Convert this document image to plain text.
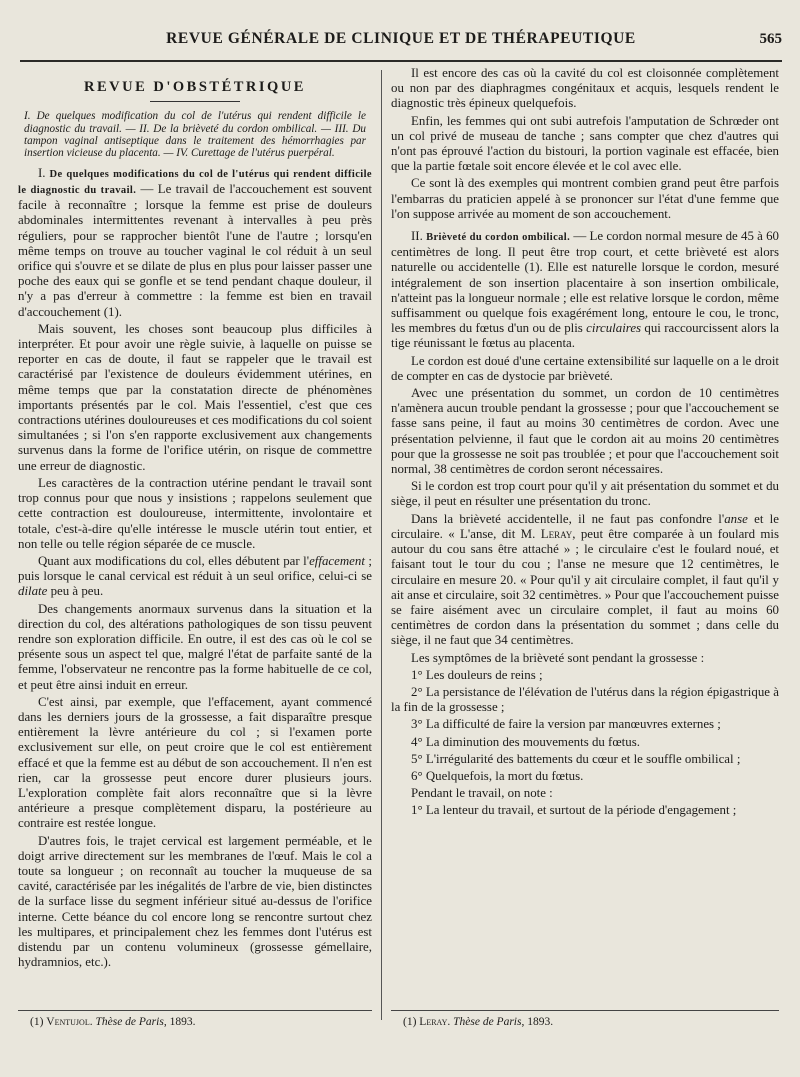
REVUE GÉNÉRALE DE CLINIQUE ET DE THÉRAPEUTIQUE	565
REVUE D'OBSTÉTRIQUE

I. De quelques modification du col de l'utérus qui rendent difficile le diagnostic du travail. — II. De la brièveté du cordon ombilical. — III. Du tampon vaginal antiseptique dans le traitement des hémorrhagies par insertion vicieuse du placenta. — IV. Curettage de l'utérus puerpéral.

I. De quelques modifications du col de l'utérus qui rendent difficile le diagnostic du travail. — Le travail de l'accouchement est souvent facile à reconnaître ; lorsque la femme est prise de douleurs abdominales intermittentes revenant à intervalles à peu près réguliers, pour se rapprocher bientôt l'une de l'autre ; lorsqu'en même temps on trouve au toucher vaginal le col réduit à un seul orifice qui s'ouvre et se dilate de plus en plus pour laisser passer une poche des eaux qui se gonfle et se tend pendant chaque douleur, il n'y a pas d'erreur à commettre : la femme est bien en travail d'accouchement (1).

Mais souvent, les choses sont beaucoup plus difficiles à interpréter. Et pour avoir une règle suivie, à laquelle on puisse se reporter en cas de doute, il faut se rappeler que le travail est caractérisé par l'existence de douleurs évidemment utérines, en même temps que par la constatation directe de phénomènes importants présentés par le col. Mais l'essentiel, c'est que ces contractions utérines douloureuses et ces modifications du col soient simultanées ; si l'on s'en rapporte exclusivement aux changements survenus dans la forme de l'orifice utérin, on risque de commettre une erreur de diagnostic.

Les caractères de la contraction utérine pendant le travail sont trop connus pour que nous y insistions ; rappelons seulement que cette contraction est douloureuse, intermittente, involontaire et totale, c'est-à-dire qu'elle intéresse le muscle utérin tout entier, et non telle ou telle région séparée de ce muscle.

Quant aux modifications du col, elles débutent par l'effacement ; puis lorsque le canal cervical est réduit à un seul orifice, celui-ci se dilate peu à peu.

Des changements anormaux survenus dans la situation et la direction du col, des altérations pathologiques de son tissu peuvent rendre son exploration difficile. En outre, il est des cas où le col se présente sous un aspect tel que, malgré l'état de parfaite santé de la femme, l'observateur ne rencontre pas la forme habituelle de ce col, et peut être ainsi induit en erreur.

C'est ainsi, par exemple, que l'effacement, ayant commencé dans les derniers jours de la grossesse, a fait disparaître presque entièrement la lèvre antérieure du col ; si l'examen porte exclusivement sur elle, on peut croire que le col est entièrement effacé et que la femme est au début de son accouchement. Il n'en est rien, car la grossesse peut encore durer plusieurs jours. L'exploration complète fait alors reconnaître que si la lèvre antérieure a presque complètement disparu, la postérieure au contraire est restée longue.

D'autres fois, le trajet cervical est largement perméable, et le doigt arrive directement sur les membranes de l'œuf. Mais le col a toute sa longueur ; on reconnaît au toucher la muqueuse de sa cavité, caractérisée par les inégalités de l'arbre de vie, bien distinctes de la surface lisse du segment inférieur situé au-dessus de l'orifice interne. Cette béance du col encore long se rencontre surtout chez les multipares, et principalement chez les femmes dont l'utérus est distendu par un contenu volumineux (grossesse gémellaire, hydramnios, etc.).

Il est encore des cas où la cavité du col est cloisonnée complètement ou non par des diaphragmes congénitaux et acquis, lesquels rendent le diagnostic très épineux quelquefois.

Enfin, les femmes qui ont subi autrefois l'amputation de Schrœder ont un col privé de museau de tanche ; sans compter que chez d'autres qui n'ont pas éprouvé l'action du bistouri, la portion vaginale est effacée, bien que la partie fœtale soit encore élevée et le col avec elle.

Ce sont là des exemples qui montrent combien grand peut être parfois l'embarras du praticien appelé à se prononcer sur l'état d'une femme que l'on suppose arrivée au moment de son accouchement.

II. Brièveté du cordon ombilical. — Le cordon normal mesure de 45 à 60 centimètres de long. Il peut être trop court, et cette brièveté est alors naturelle ou accidentelle (1). Elle est naturelle lorsque le cordon, mesuré intégralement de son insertion placentaire à son insertion ombilicale, n'atteint pas la longueur normale ; elle est relative lorsque le cordon, même suffisamment ou quelque fois exagérément long, entoure le cou, le tronc, les membres du fœtus d'un ou de plis circulaires qui raccourcissent alors la tige réunissant le fœtus au placenta.

Le cordon est doué d'une certaine extensibilité sur laquelle on a le droit de compter en cas de dystocie par brièveté.

Avec une présentation du sommet, un cordon de 10 centimètres n'amènera aucun trouble pendant la grossesse ; pour que l'accouchement se fasse sans peine, il faut au moins 30 centimètres de cordon. Avec une présentation pelvienne, il faut que le cordon ait au moins 20 centimètres pour que la grossesse ne soit pas troublée ; et pour que l'accouchement soit normal, 38 centimètres de cordon seront nécessaires.

Si le cordon est trop court pour qu'il y ait présentation du sommet et du siège, il peut en résulter une présentation du tronc.

Dans la brièveté accidentelle, il ne faut pas confondre l'anse et le circulaire. « L'anse, dit M. Leray, peut être comparée à un foulard mis autour du cou sans être attaché » ; le circulaire c'est le foulard noué, et faisant tout le tour du cou ; l'anse ne mesure que 12 centimètres, le circulaire en mesure 20. « Pour qu'il y ait circulaire complet, il faut qu'il y ait anse et circulaire, soit 32 centimètres. » Pour que l'accouchement puisse se faire aisément avec un circulaire complet, il faut au moins 60 centimètres de cordon dans la présentation du sommet ; dans celle du siège, il ne faut que 34 centimètres.

Les symptômes de la brièveté sont pendant la grossesse :

1° Les douleurs de reins ;

2° La persistance de l'élévation de l'utérus dans la région épigastrique à la fin de la grossesse ;

3° La difficulté de faire la version par manœuvres externes ;

4° La diminution des mouvements du fœtus.

5° L'irrégularité des battements du cœur et le souffle ombilical ;

6° Quelquefois, la mort du fœtus.

Pendant le travail, on note :

1° La lenteur du travail, et surtout de la période d'engagement ;

(1) Ventujol. Thèse de Paris, 1893.	(1) Leray. Thèse de Paris, 1893.
